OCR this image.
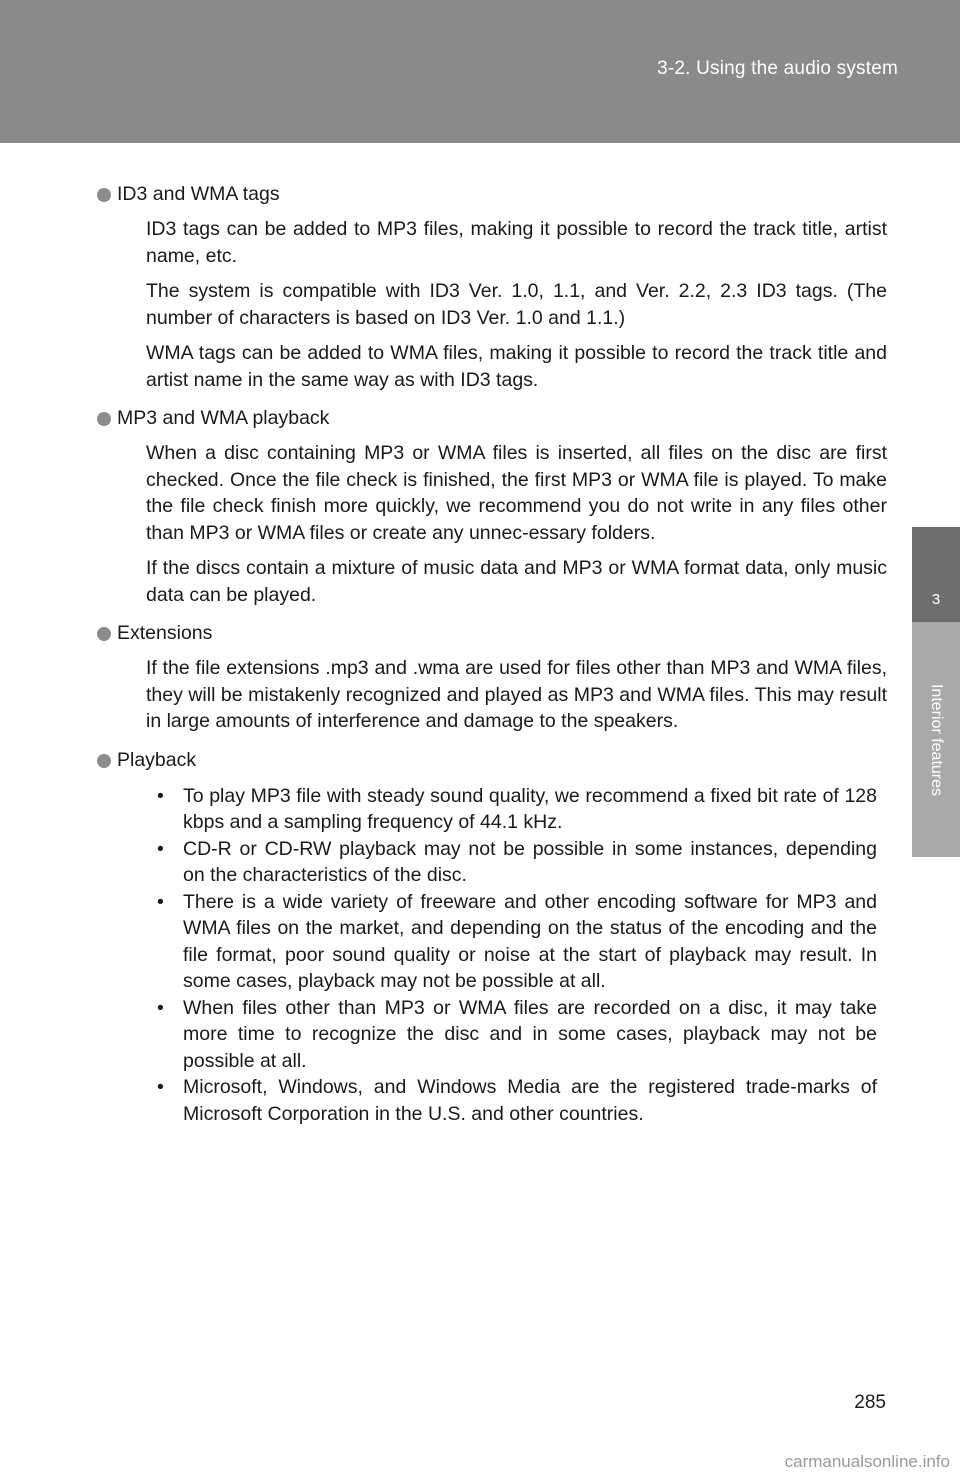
3-2. Using the audio system
3
Interior features
ID3 and WMA tags

ID3 tags can be added to MP3 files, making it possible to record the track title, artist name, etc.

The system is compatible with ID3 Ver. 1.0, 1.1, and Ver. 2.2, 2.3 ID3 tags. (The number of characters is based on ID3 Ver. 1.0 and 1.1.)

WMA tags can be added to WMA files, making it possible to record the track title and artist name in the same way as with ID3 tags.

MP3 and WMA playback

When a disc containing MP3 or WMA files is inserted, all files on the disc are first checked. Once the file check is finished, the first MP3 or WMA file is played. To make the file check finish more quickly, we recommend you do not write in any files other than MP3 or WMA files or create any unnec-essary folders.

If the discs contain a mixture of music data and MP3 or WMA format data, only music data can be played.

Extensions

If the file extensions .mp3 and .wma are used for files other than MP3 and WMA files, they will be mistakenly recognized and played as MP3 and WMA files. This may result in large amounts of interference and damage to the speakers.

Playback
• To play MP3 file with steady sound quality, we recommend a fixed bit rate of 128 kbps and a sampling frequency of 44.1 kHz.
• CD-R or CD-RW playback may not be possible in some instances, depending on the characteristics of the disc.
• There is a wide variety of freeware and other encoding software for MP3 and WMA files on the market, and depending on the status of the encoding and the file format, poor sound quality or noise at the start of playback may result. In some cases, playback may not be possible at all.
• When files other than MP3 or WMA files are recorded on a disc, it may take more time to recognize the disc and in some cases, playback may not be possible at all.
• Microsoft, Windows, and Windows Media are the registered trade-marks of Microsoft Corporation in the U.S. and other countries.
285
carmanualsonline.info
